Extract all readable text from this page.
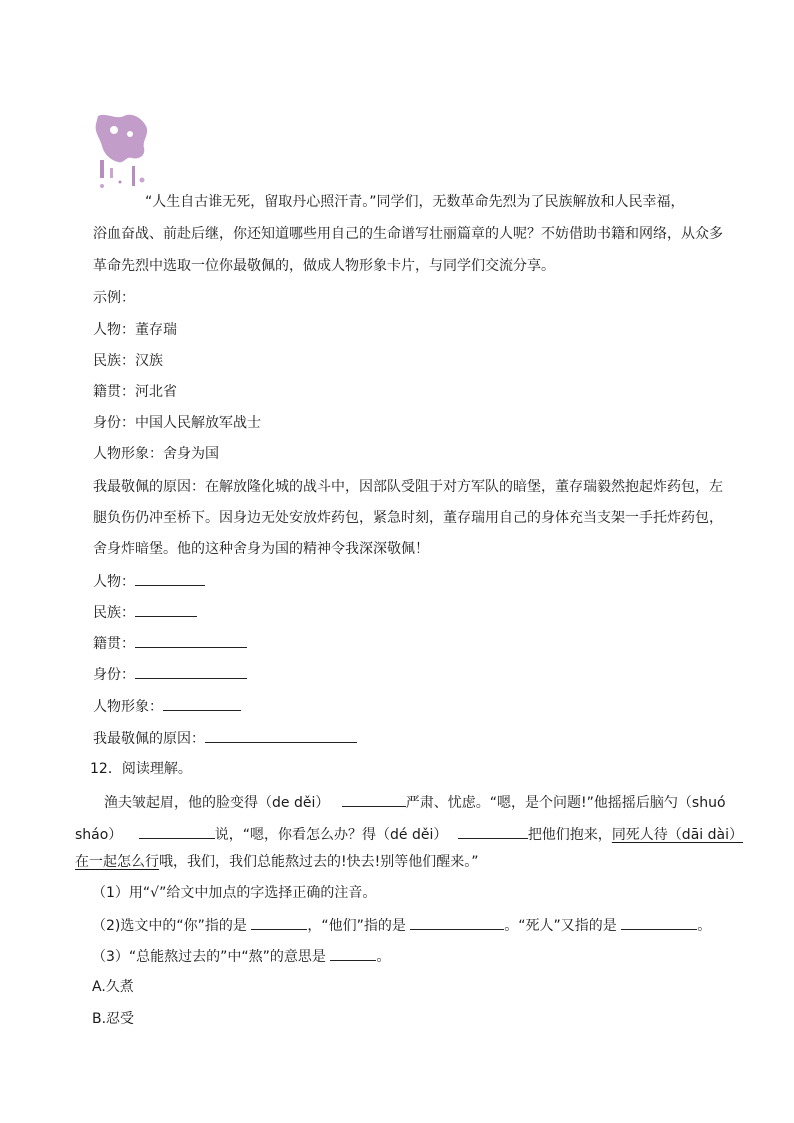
“人生自古谁无死，留取丹心照汗青。”同学们，无数革命先烈为了民族解放和人民幸福，
浴血奋战、前赴后继，你还知道哪些用自己的生命谱写壮丽篇章的人呢？不妨借助书籍和网络，从众多
革命先烈中选取一位你最敬佩的，做成人物形象卡片，与同学们交流分享。
示例：
人物：董存瑞
民族：汉族
籍贯：河北省
身份：中国人民解放军战士
人物形象：舍身为国
我最敬佩的原因：在解放隆化城的战斗中，因部队受阻于对方军队的暗堡，董存瑞毅然抱起炸药包，左
腿负伤仍冲至桥下。因身边无处安放炸药包，紧急时刻，董存瑞用自己的身体充当支架一手托炸药包，
舍身炸暗堡。他的这种舍身为国的精神令我深深敬佩！
人物：
民族：
籍贯：
身份：
人物形象：
我最敬佩的原因：
12．阅读理解。
渔夫皱起眉，他的脸变得（de děi）	严肃、忧虑。“嗯，是个问题!”他摇摇后脑勺（shuó
sháo）	说，“嗯，你看怎么办？得（dé děi）	把他们抱来，同死人待（dāi dài）
在一起怎么行哦，我们，我们总能熬过去的!快去!别等他们醒来。”
（1）用“√”给文中加点的字选择正确的注音。
（2)选文中的“你”指的是	，“他们”指的是	。“死人”又指的是	。
（3）“总能熬过去的”中“熬”的意思是	。
A.久煮
B.忍受
